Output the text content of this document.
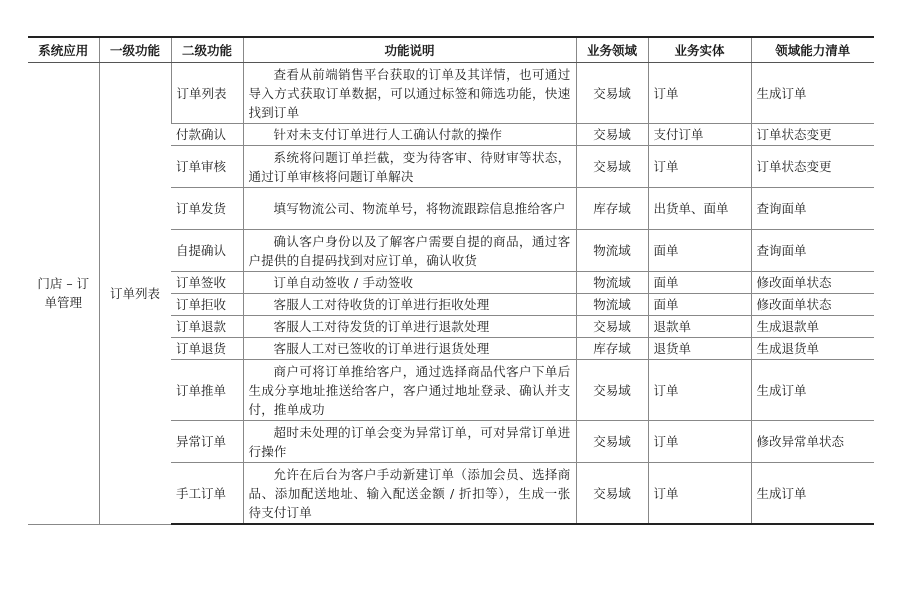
系统应用	一级功能	二级功能	功能说明	业务领域	业务实体	领域能力清单
门店 – 订单管理	订单列表	订单列表	查看从前端销售平台获取的订单及其详情，也可通过导入方式获取订单数据，可以通过标签和筛选功能，快速找到订单	交易域	订单	生成订单
		付款确认	针对未支付订单进行人工确认付款的操作	交易域	支付订单	订单状态变更
		订单审核	系统将问题订单拦截，变为待客审、待财审等状态，通过订单审核将问题订单解决	交易域	订单	订单状态变更
		订单发货	填写物流公司、物流单号，将物流跟踪信息推给客户	库存域	出货单、面单	查询面单
		自提确认	确认客户身份以及了解客户需要自提的商品，通过客户提供的自提码找到对应订单，确认收货	物流域	面单	查询面单
		订单签收	订单自动签收 / 手动签收	物流域	面单	修改面单状态
		订单拒收	客服人工对待收货的订单进行拒收处理	物流域	面单	修改面单状态
		订单退款	客服人工对待发货的订单进行退款处理	交易域	退款单	生成退款单
		订单退货	客服人工对已签收的订单进行退货处理	库存域	退货单	生成退货单
		订单推单	商户可将订单推给客户，通过选择商品代客户下单后生成分享地址推送给客户，客户通过地址登录、确认并支付，推单成功	交易域	订单	生成订单
		异常订单	超时未处理的订单会变为异常订单，可对异常订单进行操作	交易域	订单	修改异常单状态
		手工订单	允许在后台为客户手动新建订单（添加会员、选择商品、添加配送地址、输入配送金额 / 折扣等），生成一张待支付订单	交易域	订单	生成订单
